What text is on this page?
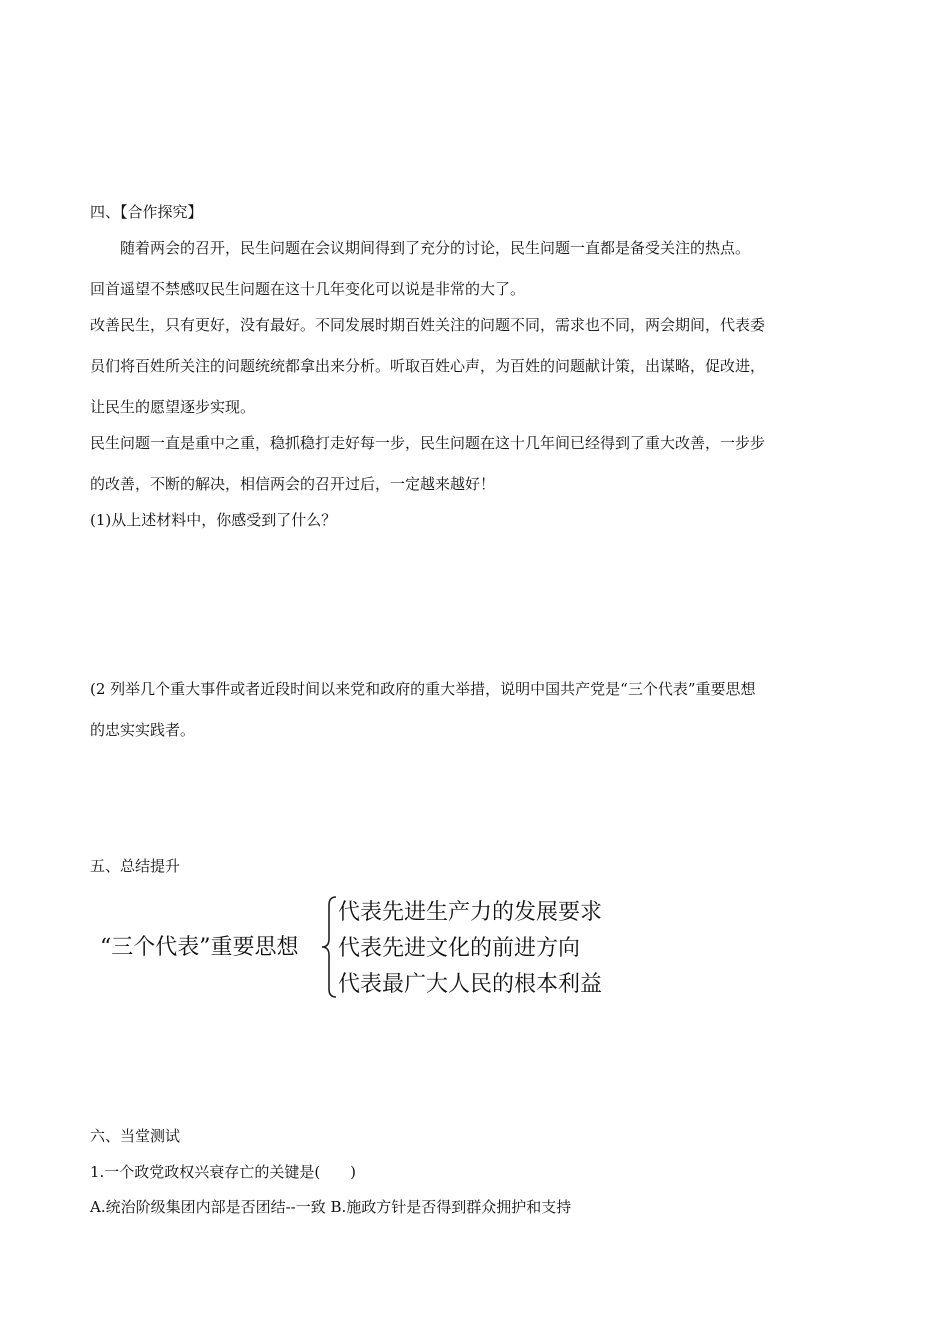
四、【合作探究】

随着两会的召开，民生问题在会议期间得到了充分的讨论，民生问题一直都是备受关注的热点。

回首遥望不禁感叹民生问题在这十几年变化可以说是非常的大了。

改善民生，只有更好，没有最好。不同发展时期百姓关注的问题不同，需求也不同，两会期间，代表委

员们将百姓所关注的问题统统都拿出来分析。听取百姓心声，为百姓的问题献计策，出谋略，促改进，

让民生的愿望逐步实现。

民生问题一直是重中之重，稳抓稳打走好每一步，民生问题在这十几年间已经得到了重大改善，一步步

的改善，不断的解决，相信两会的召开过后，一定越来越好！

(1)从上述材料中，你感受到了什么？

(2 列举几个重大事件或者近段时间以来党和政府的重大举措，说明中国共产党是“三个代表”重要思想

的忠实实践者。

五、总结提升

“三个代表”重要思想
代表先进生产力的发展要求
代表先进文化的前进方向
代表最广大人民的根本利益

六、当堂测试

1.一个政党政权兴衰存亡的关键是(　　)

A.统治阶级集团内部是否团结--一致 B.施政方针是否得到群众拥护和支持
